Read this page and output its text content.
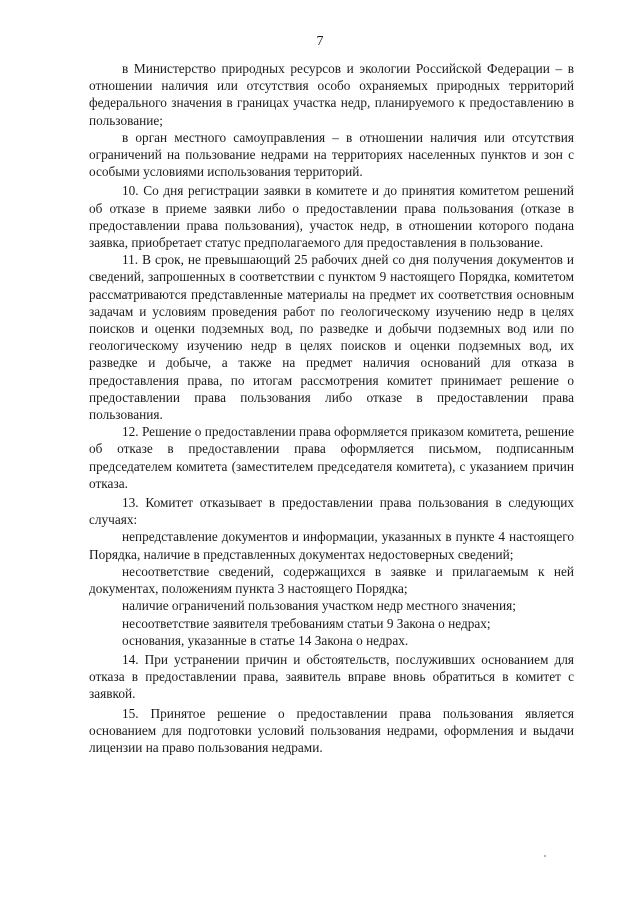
7

в Министерство природных ресурсов и экологии Российской Федерации – в отношении наличия или отсутствия особо охраняемых природных территорий федерального значения в границах участка недр, планируемого к предоставлению в пользование;

в орган местного самоуправления – в отношении наличия или отсутствия ограничений на пользование недрами на территориях населенных пунктов и зон с особыми условиями использования территорий.

10. Со дня регистрации заявки в комитете и до принятия комитетом решений об отказе в приеме заявки либо о предоставлении права пользования (отказе в предоставлении права пользования), участок недр, в отношении которого подана заявка, приобретает статус предполагаемого для предоставления в пользование.

11. В срок, не превышающий 25 рабочих дней со дня получения документов и сведений, запрошенных в соответствии с пунктом 9 настоящего Порядка, комитетом рассматриваются представленные материалы на предмет их соответствия основным задачам и условиям проведения работ по геологическому изучению недр в целях поисков и оценки подземных вод, по разведке и добычи подземных вод или по геологическому изучению недр в целях поисков и оценки подземных вод, их разведке и добыче, а также на предмет наличия оснований для отказа в предоставления права, по итогам рассмотрения комитет принимает решение о предоставлении права пользования либо отказе в предоставлении права пользования.

12. Решение о предоставлении права оформляется приказом комитета, решение об отказе в предоставлении права оформляется письмом, подписанным председателем комитета (заместителем председателя комитета), с указанием причин отказа.

13. Комитет отказывает в предоставлении права пользования в следующих случаях:

непредставление документов и информации, указанных в пункте 4 настоящего Порядка, наличие в представленных документах недостоверных сведений;

несоответствие сведений, содержащихся в заявке и прилагаемым к ней документах, положениям пункта 3 настоящего Порядка;

наличие ограничений пользования участком недр местного значения;

несоответствие заявителя требованиям статьи 9 Закона о недрах;

основания, указанные в статье 14 Закона о недрах.

14. При устранении причин и обстоятельств, послуживших основанием для отказа в предоставлении права, заявитель вправе вновь обратиться в комитет с заявкой.

15. Принятое решение о предоставлении права пользования является основанием для подготовки условий пользования недрами, оформления и выдачи лицензии на право пользования недрами.
